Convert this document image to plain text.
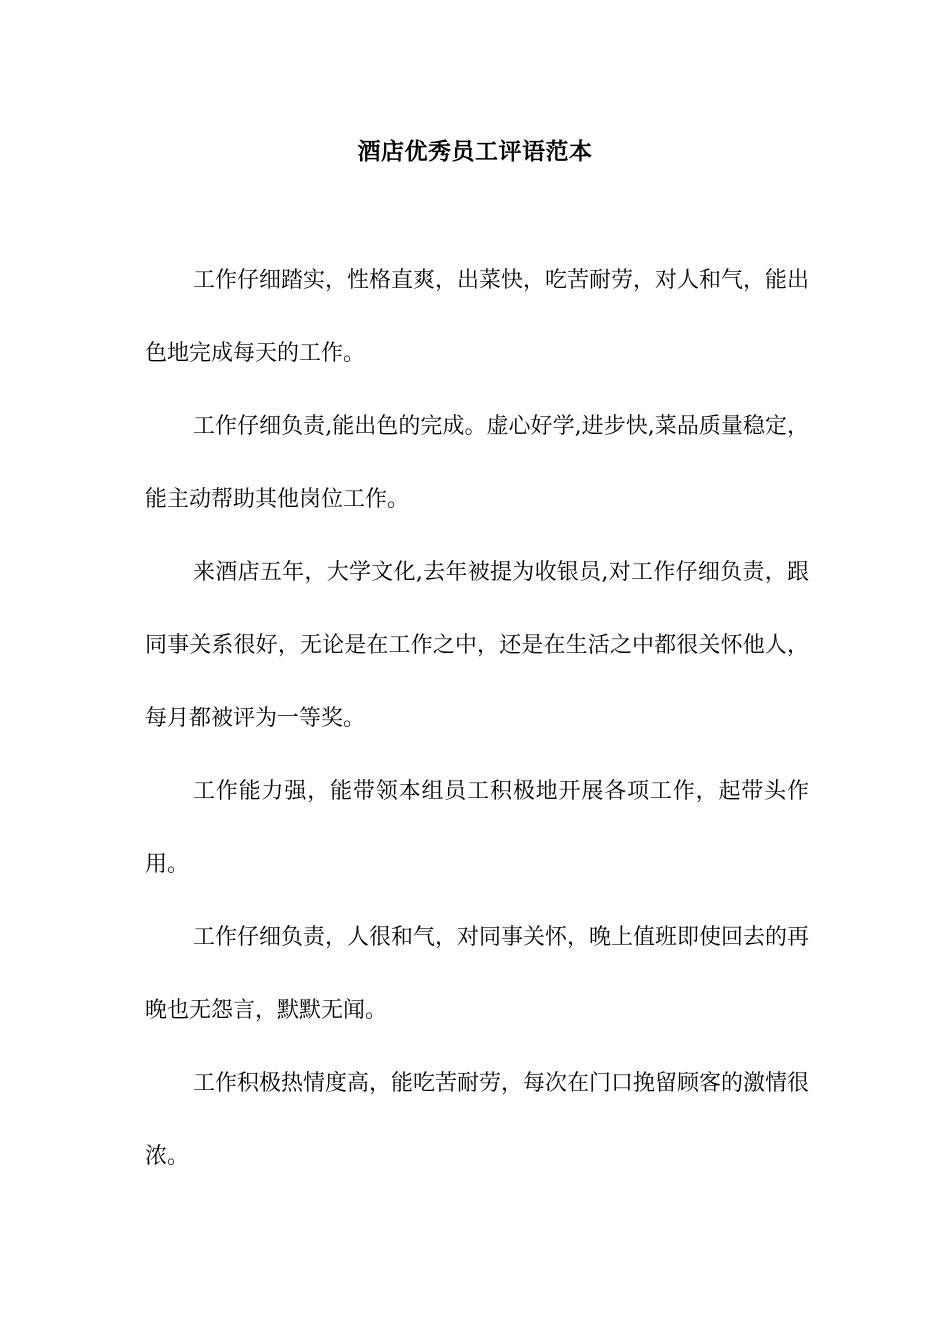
酒店优秀员工评语范本

工作仔细踏实，性格直爽，出菜快，吃苦耐劳，对人和气，能出色地完成每天的工作。

工作仔细负责,能出色的完成。虚心好学,进步快,菜品质量稳定，能主动帮助其他岗位工作。

来酒店五年，大学文化,去年被提为收银员,对工作仔细负责，跟同事关系很好，无论是在工作之中，还是在生活之中都很关怀他人，每月都被评为一等奖。

工作能力强，能带领本组员工积极地开展各项工作，起带头作用。

工作仔细负责，人很和气，对同事关怀，晚上值班即使回去的再晚也无怨言，默默无闻。

工作积极热情度高，能吃苦耐劳，每次在门口挽留顾客的激情很浓。
